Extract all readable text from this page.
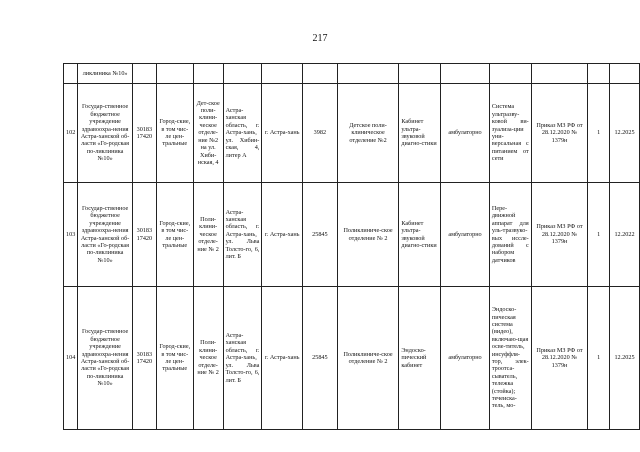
217
	ликлиника №10»													
102	Государ-ственное бюджетное учреждение здравоохра-нения Астра-ханской об-ласти «Го-родская по-ликлиника №10»	30183 17420	Город-ские, в том чис-ле цен-тральные	Дет-ское поли-клини-ческое отделе-ние №2 на ул. Хиби-нская, 4	Астра-ханская область, г. Астра-хань, ул. Хибин-ская, 4, литер А	г. Астра-хань	3982	Детское поли-клиническое отделение №2	Кабинет ультра-звуковой диагно-стики	амбулаторно	Система ультразву-ковой ви-зуализа-ции уни-версальная с питанием от сети	Приказ МЗ РФ от 28.12.2020 № 1379н	1	12.2025
103	Государ-ственное бюджетное учреждение здравоохра-нения Астра-ханской об-ласти «Го-родская по-ликлиника №10»	30183 17420	Город-ские, в том чис-ле цен-тральные	Поли-клини-ческое отделе-ние № 2	Астра-ханская область, г. Астра-хань, ул. Льва Толсто-го, 6, лит. Б	г. Астра-хань	25845	Поликлиниче-ское отделение № 2	Кабинет ультра-звуковой диагно-стики	амбулаторно	Пере-движной аппарат для уль-тразвуко-вых иссле-дований с набором датчиков	Приказ МЗ РФ от 28.12.2020 № 1379н	1	12.2022
104	Государ-ственное бюджетное учреждение здравоохра-нения Астра-ханской об-ласти «Го-родская по-ликлиника №10»	30183 17420	Город-ские, в том чис-ле цен-тральные	Поли-клини-ческое отделе-ние № 2	Астра-ханская область, г. Астра-хань, ул. Льва Толсто-го, 6, лит. Б	г. Астра-хань	25845	Поликлиниче-ское отделение № 2	Эндоско-пический кабинет	амбулаторно	Эндоско-пическая система (видео), включаю-щая осве-титель, инсуффля-тор, элек-троотса-сыватель, тележка (стойка); течеиска-тель, мо-	Приказ МЗ РФ от 28.12.2020 № 1379н	1	12.2025
